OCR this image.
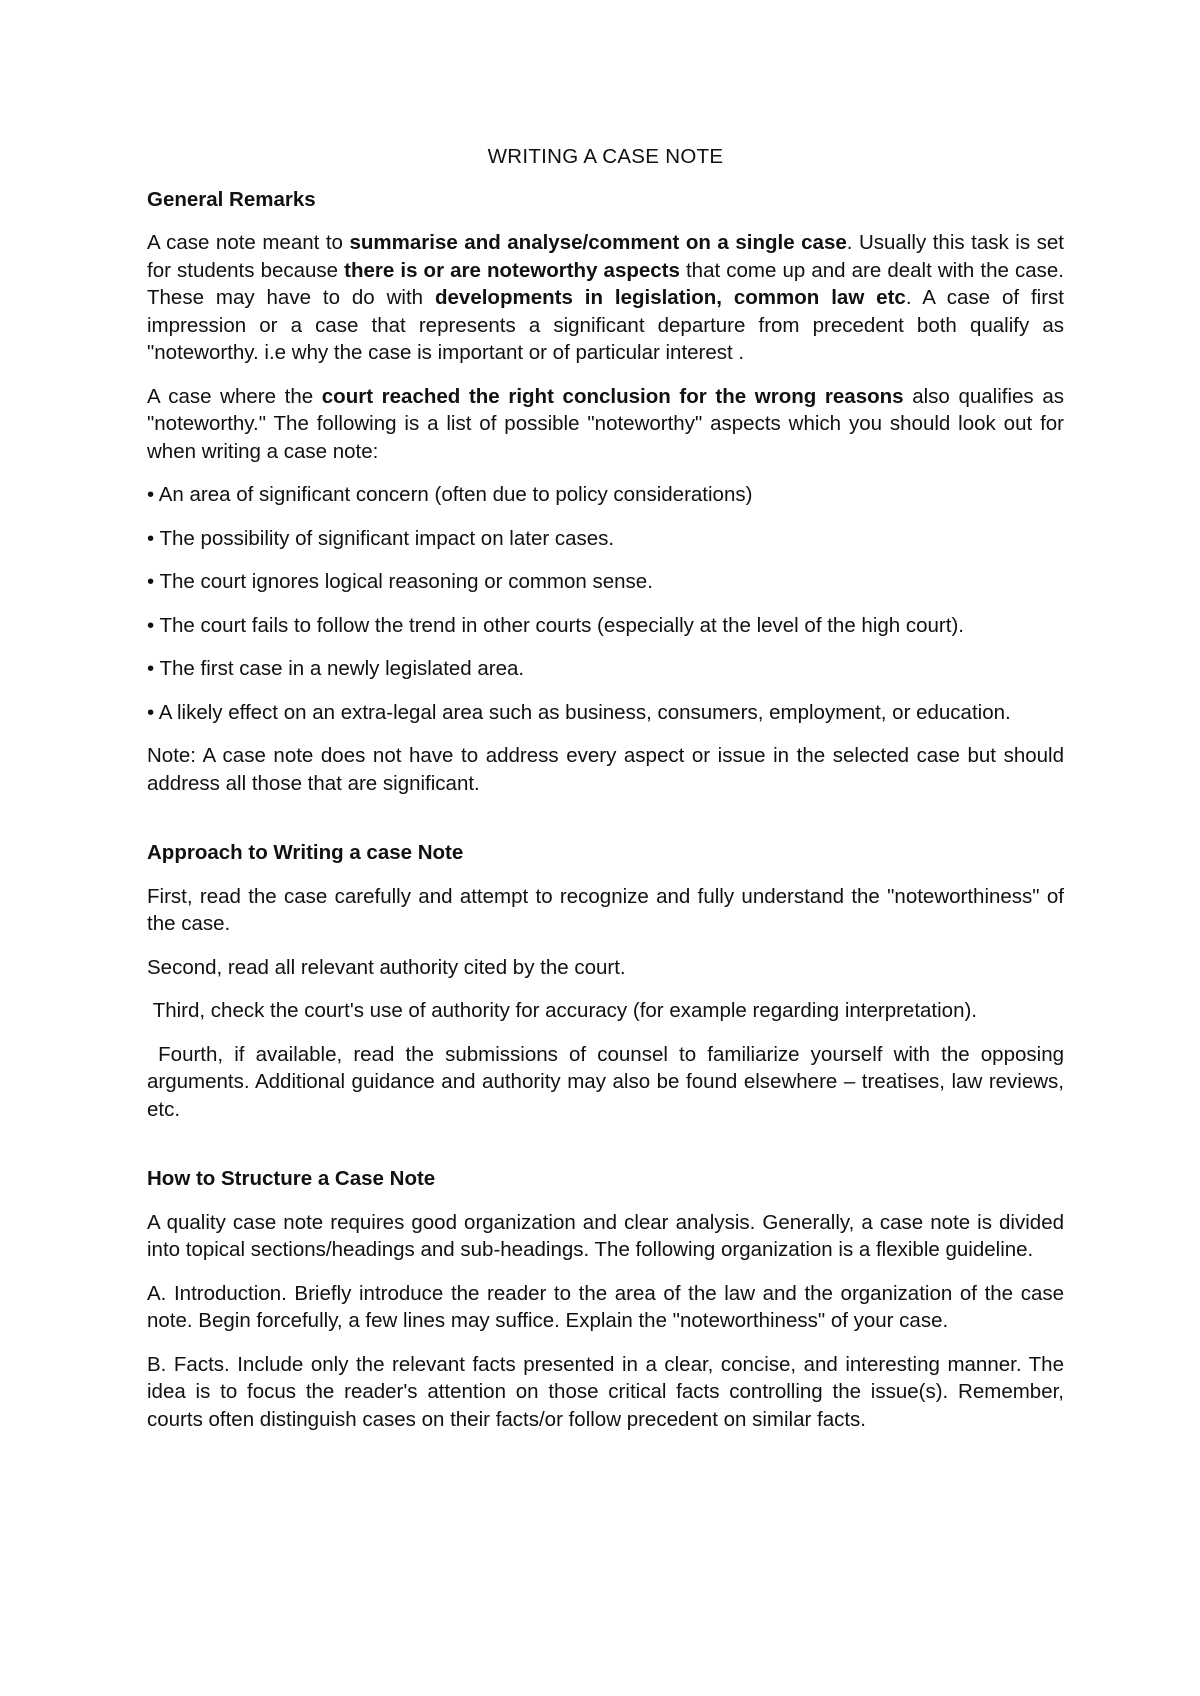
WRITING A CASE NOTE
General Remarks

A case note meant to summarise and analyse/comment on a single case. Usually this task is set for students because there is or are noteworthy aspects that come up and are dealt with the case. These may have to do with developments in legislation, common law etc. A case of first impression or a case that represents a significant departure from precedent both qualify as "noteworthy. i.e why the case is important or of particular interest .

A case where the court reached the right conclusion for the wrong reasons also qualifies as "noteworthy." The following is a list of possible "noteworthy" aspects which you should look out for when writing a case note:

• An area of significant concern (often due to policy considerations)
• The possibility of significant impact on later cases.
• The court ignores logical reasoning or common sense.
• The court fails to follow the trend in other courts (especially at the level of the high court).
• The first case in a newly legislated area.
• A likely effect on an extra-legal area such as business, consumers, employment, or education.

Note: A case note does not have to address every aspect or issue in the selected case but should address all those that are significant.

Approach to Writing a case Note

First, read the case carefully and attempt to recognize and fully understand the "noteworthiness" of the case.

Second, read all relevant authority cited by the court.

Third, check the court's use of authority for accuracy (for example regarding interpretation).

Fourth, if available, read the submissions of counsel to familiarize yourself with the opposing arguments. Additional guidance and authority may also be found elsewhere – treatises, law reviews, etc.

How to Structure a Case Note

A quality case note requires good organization and clear analysis. Generally, a case note is divided into topical sections/headings and sub-headings. The following organization is a flexible guideline.

A. Introduction. Briefly introduce the reader to the area of the law and the organization of the case note. Begin forcefully, a few lines may suffice. Explain the "noteworthiness" of your case.

B. Facts. Include only the relevant facts presented in a clear, concise, and interesting manner. The idea is to focus the reader's attention on those critical facts controlling the issue(s). Remember, courts often distinguish cases on their facts/or follow precedent on similar facts.
